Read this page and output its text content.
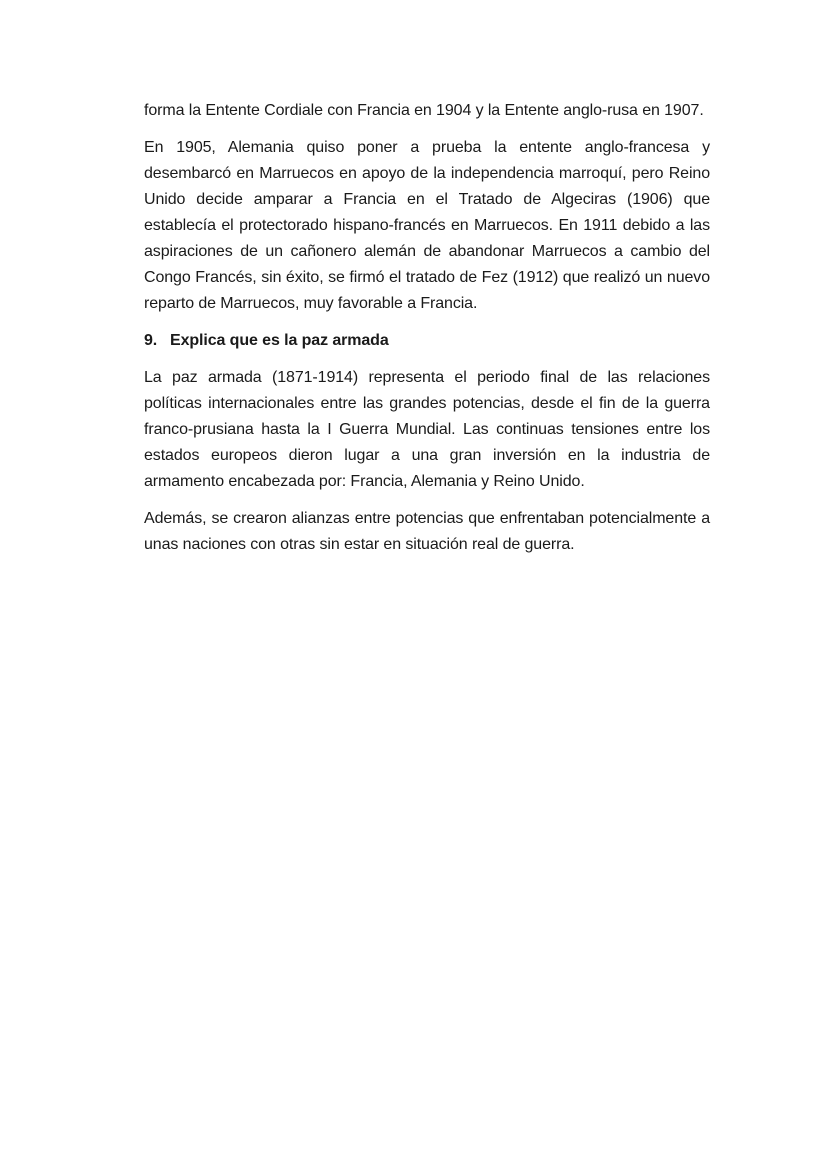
forma la Entente Cordiale con Francia en 1904 y la Entente anglo-rusa en 1907.

En 1905, Alemania quiso poner a prueba la entente anglo-francesa y desembarcó en Marruecos en apoyo de la independencia marroquí, pero Reino Unido decide amparar a Francia en el Tratado de Algeciras (1906) que establecía el protectorado hispano-francés en Marruecos. En 1911 debido a las aspiraciones de un cañonero alemán de abandonar Marruecos a cambio del Congo Francés, sin éxito, se firmó el tratado de Fez (1912) que realizó un nuevo reparto de Marruecos, muy favorable a Francia.

9. Explica que es la paz armada

La paz armada (1871-1914) representa el periodo final de las relaciones políticas internacionales entre las grandes potencias, desde el fin de la guerra franco-prusiana hasta la I Guerra Mundial. Las continuas tensiones entre los estados europeos dieron lugar a una gran inversión en la industria de armamento encabezada por: Francia, Alemania y Reino Unido.

Además, se crearon alianzas entre potencias que enfrentaban potencialmente a unas naciones con otras sin estar en situación real de guerra.
